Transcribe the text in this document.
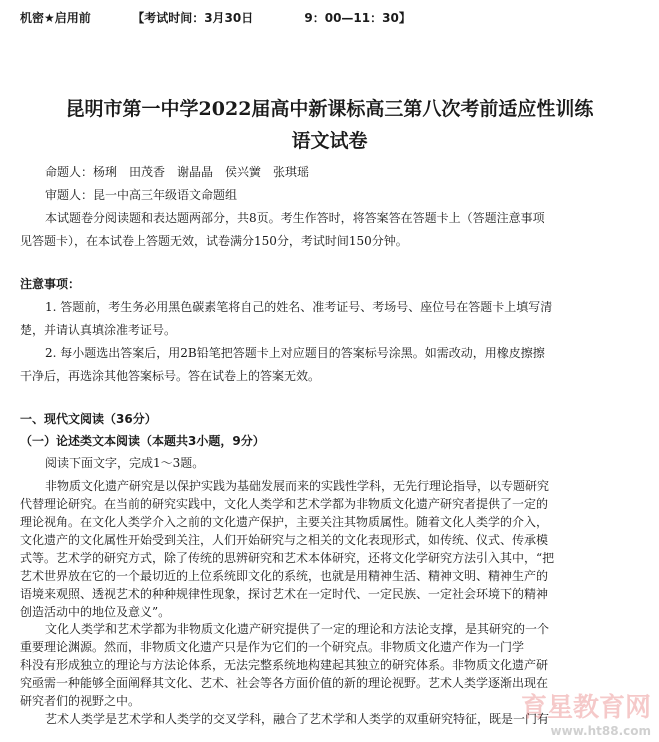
机密★启用前	【考试时间：3月30日	9：00—11：30】
昆明市第一中学2022届高中新课标高三第八次考前适应性训练
语文试卷
命题人：杨琍　田茂香　谢晶晶　侯兴黉　张琪瑶
审题人：昆一中高三年级语文命题组
本试题卷分阅读题和表达题两部分，共8页。考生作答时，将答案答在答题卡上（答题注意事项
见答题卡），在本试卷上答题无效，试卷满分150分，考试时间150分钟。
注意事项：
1. 答题前，考生务必用黑色碳素笔将自己的姓名、准考证号、考场号、座位号在答题卡上填写清
楚，并请认真填涂准考证号。
2. 每小题选出答案后，用2B铅笔把答题卡上对应题目的答案标号涂黑。如需改动，用橡皮擦擦
干净后，再选涂其他答案标号。答在试卷上的答案无效。
一、现代文阅读（36分）
（一）论述类文本阅读（本题共3小题，9分）
阅读下面文字，完成1～3题。
非物质文化遗产研究是以保护实践为基础发展而来的实践性学科，无先行理论指导，以专题研究
代替理论研究。在当前的研究实践中，文化人类学和艺术学都为非物质文化遗产研究者提供了一定的
理论视角。在文化人类学介入之前的文化遗产保护，主要关注其物质属性。随着文化人类学的介入，
文化遗产的文化属性开始受到关注，人们开始研究与之相关的文化表现形式，如传统、仪式、传承模
式等。艺术学的研究方式，除了传统的思辨研究和艺术本体研究，还将文化学研究方法引入其中，“把
艺术世界放在它的一个最切近的上位系统即文化的系统，也就是用精神生活、精神文明、精神生产的
语境来观照、透视艺术的种种规律性现象，探讨艺术在一定时代、一定民族、一定社会环境下的精神
创造活动中的地位及意义”。
文化人类学和艺术学都为非物质文化遗产研究提供了一定的理论和方法论支撑，是其研究的一个
重要理论渊源。然而，非物质文化遗产只是作为它们的一个研究点。非物质文化遗产作为一门学
科没有形成独立的理论与方法论体系，无法完整系统地构建起其独立的研究体系。非物质文化遗产研
究亟需一种能够全面阐释其文化、艺术、社会等各方面价值的新的理论视野。艺术人类学逐渐出现在
研究者们的视野之中。
艺术人类学是艺术学和人类学的交叉学科，融合了艺术学和人类学的双重研究特征，既是一门有
育星教育网
www.ht88.com
